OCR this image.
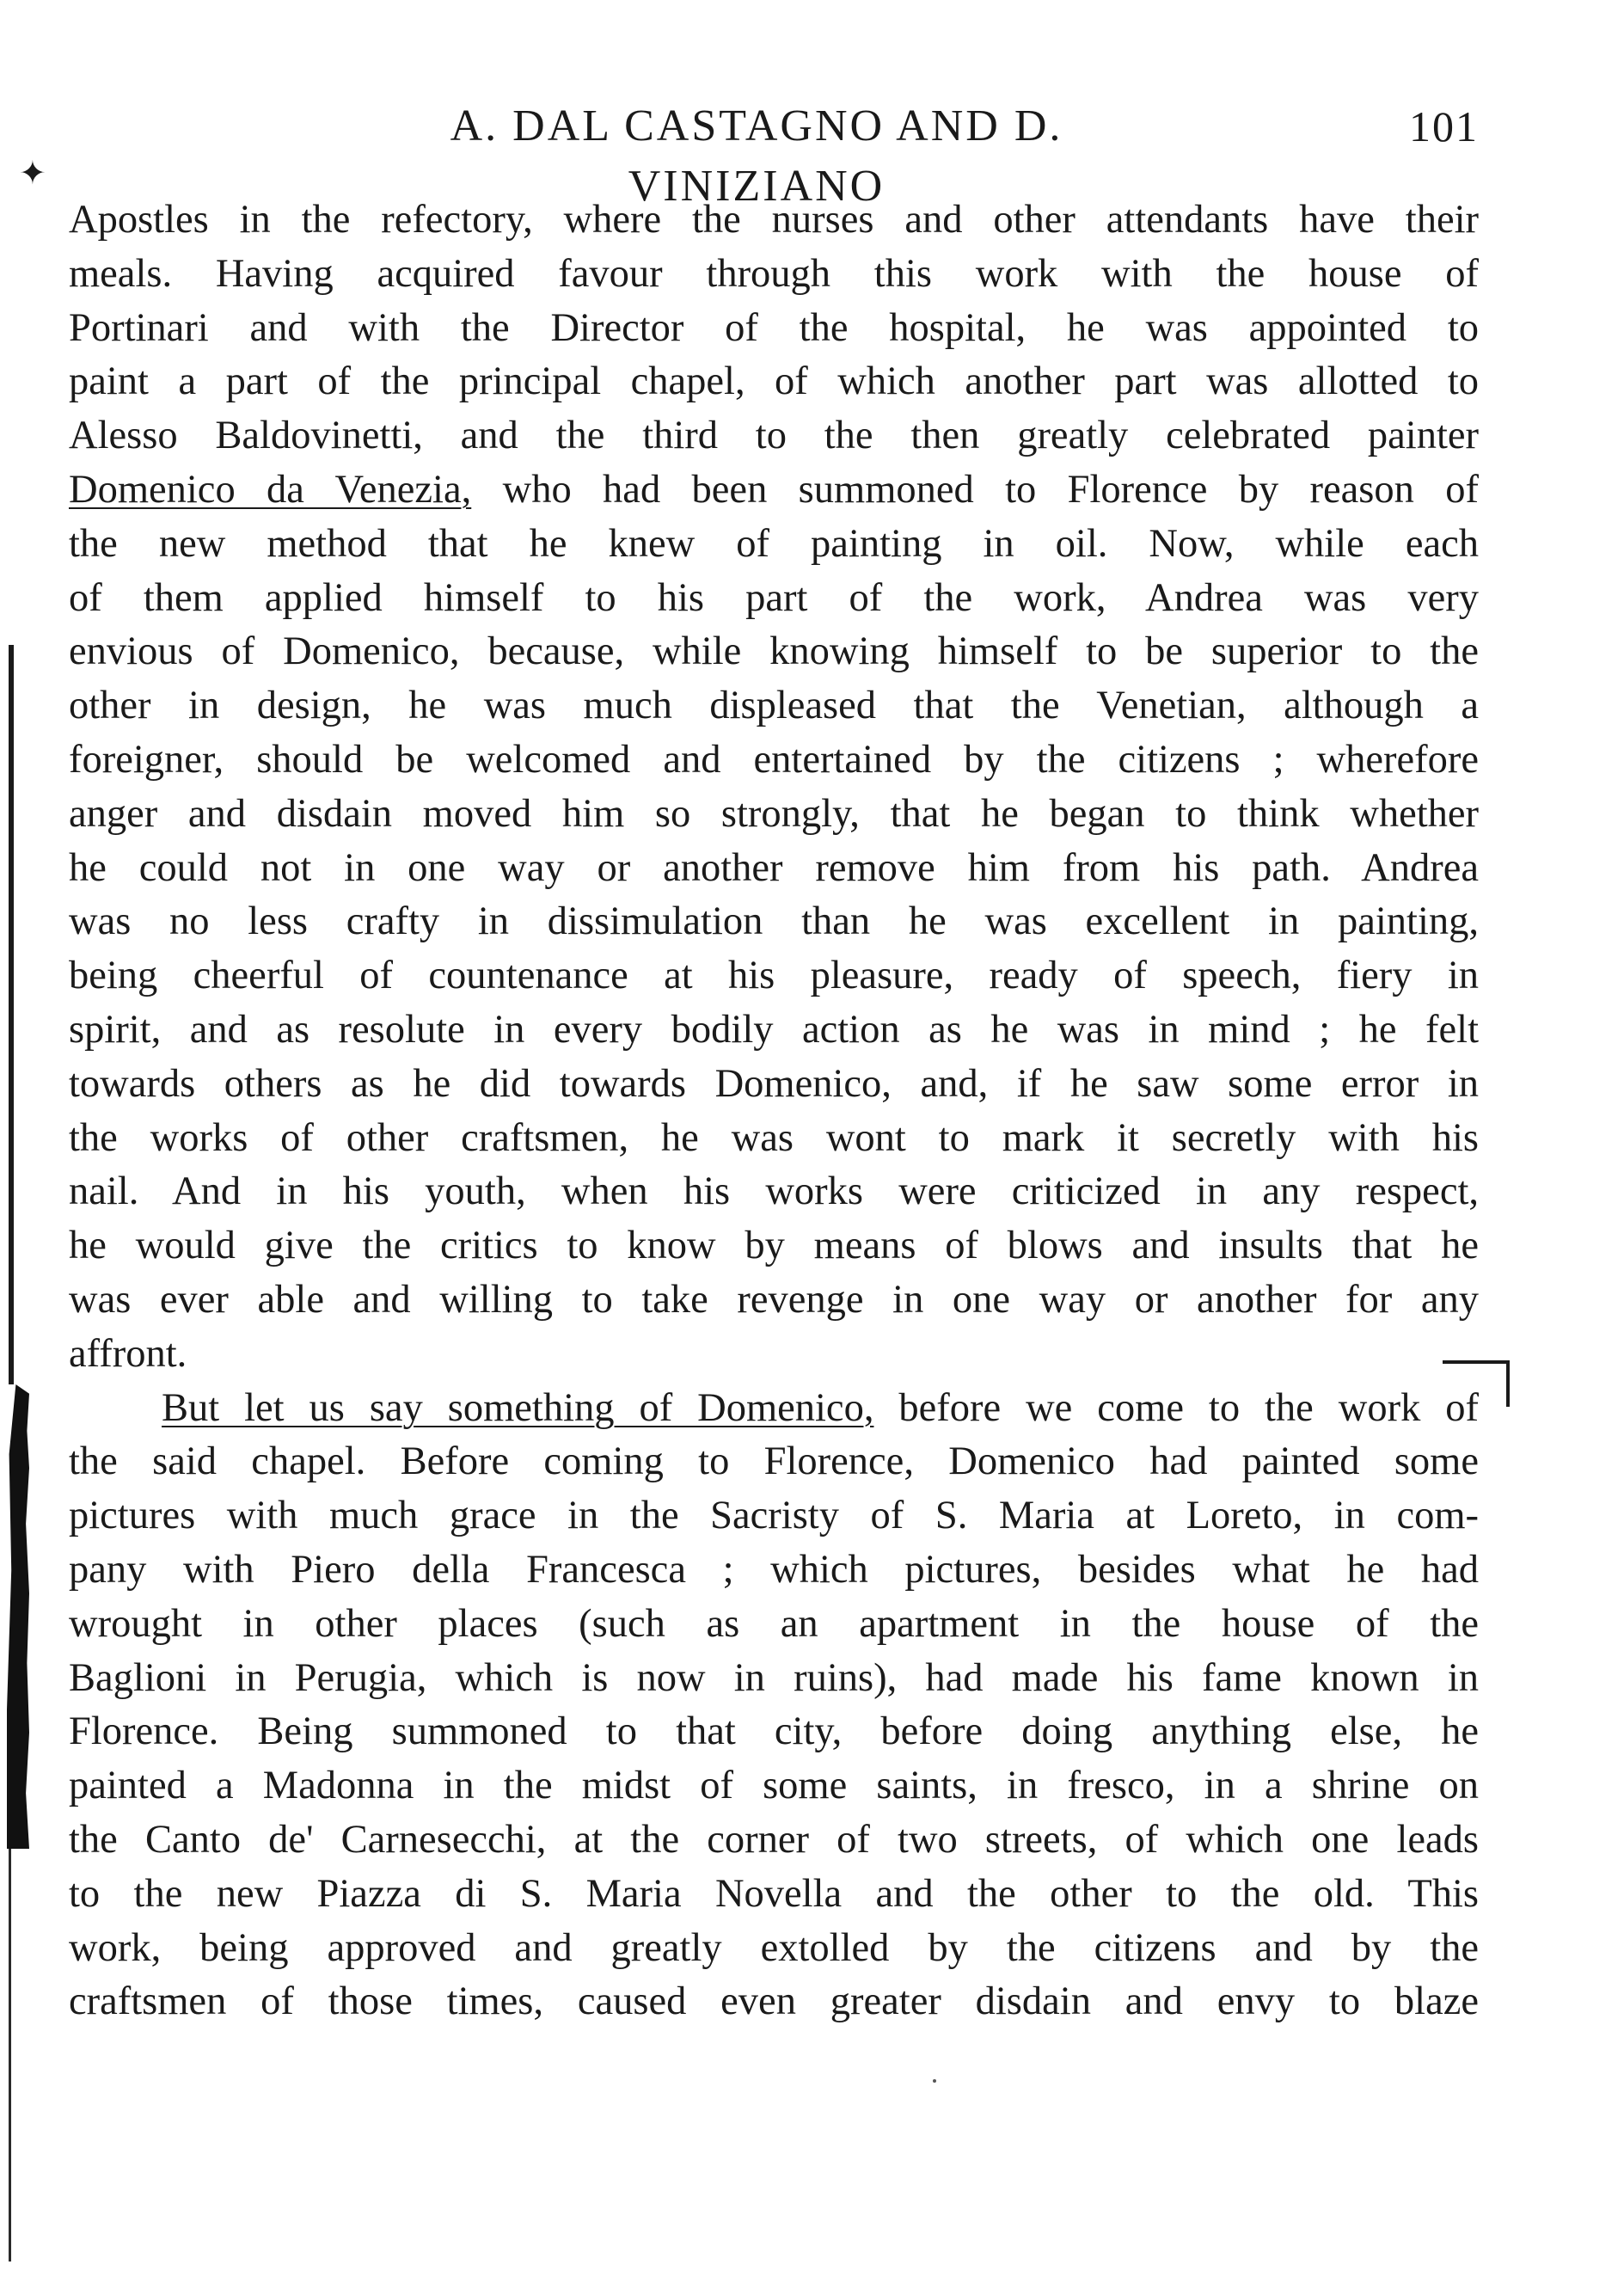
✦
A. DAL CASTAGNO AND D. VINIZIANO
101
Apostles in the refectory, where the nurses and other attendants have their
meals. Having acquired favour through this work with the house of
Portinari and with the Director of the hospital, he was appointed to
paint a part of the principal chapel, of which another part was allotted to
Alesso Baldovinetti, and the third to the then greatly celebrated painter
Domenico da Venezia, who had been summoned to Florence by reason of
the new method that he knew of painting in oil. Now, while each
of them applied himself to his part of the work, Andrea was very
envious of Domenico, because, while knowing himself to be superior to the
other in design, he was much displeased that the Venetian, although a
foreigner, should be welcomed and entertained by the citizens ; wherefore
anger and disdain moved him so strongly, that he began to think whether
he could not in one way or another remove him from his path. Andrea
was no less crafty in dissimulation than he was excellent in painting,
being cheerful of countenance at his pleasure, ready of speech, fiery in
spirit, and as resolute in every bodily action as he was in mind ; he felt
towards others as he did towards Domenico, and, if he saw some error in
the works of other craftsmen, he was wont to mark it secretly with his
nail. And in his youth, when his works were criticized in any respect,
he would give the critics to know by means of blows and insults that he
was ever able and willing to take revenge in one way or another for any
affront.
But let us say something of Domenico, before we come to the work of
the said chapel. Before coming to Florence, Domenico had painted some
pictures with much grace in the Sacristy of S. Maria at Loreto, in com-
pany with Piero della Francesca ; which pictures, besides what he had
wrought in other places (such as an apartment in the house of the
Baglioni in Perugia, which is now in ruins), had made his fame known in
Florence. Being summoned to that city, before doing anything else, he
painted a Madonna in the midst of some saints, in fresco, in a shrine on
the Canto de' Carnesecchi, at the corner of two streets, of which one leads
to the new Piazza di S. Maria Novella and the other to the old. This
work, being approved and greatly extolled by the citizens and by the
craftsmen of those times, caused even greater disdain and envy to blaze
